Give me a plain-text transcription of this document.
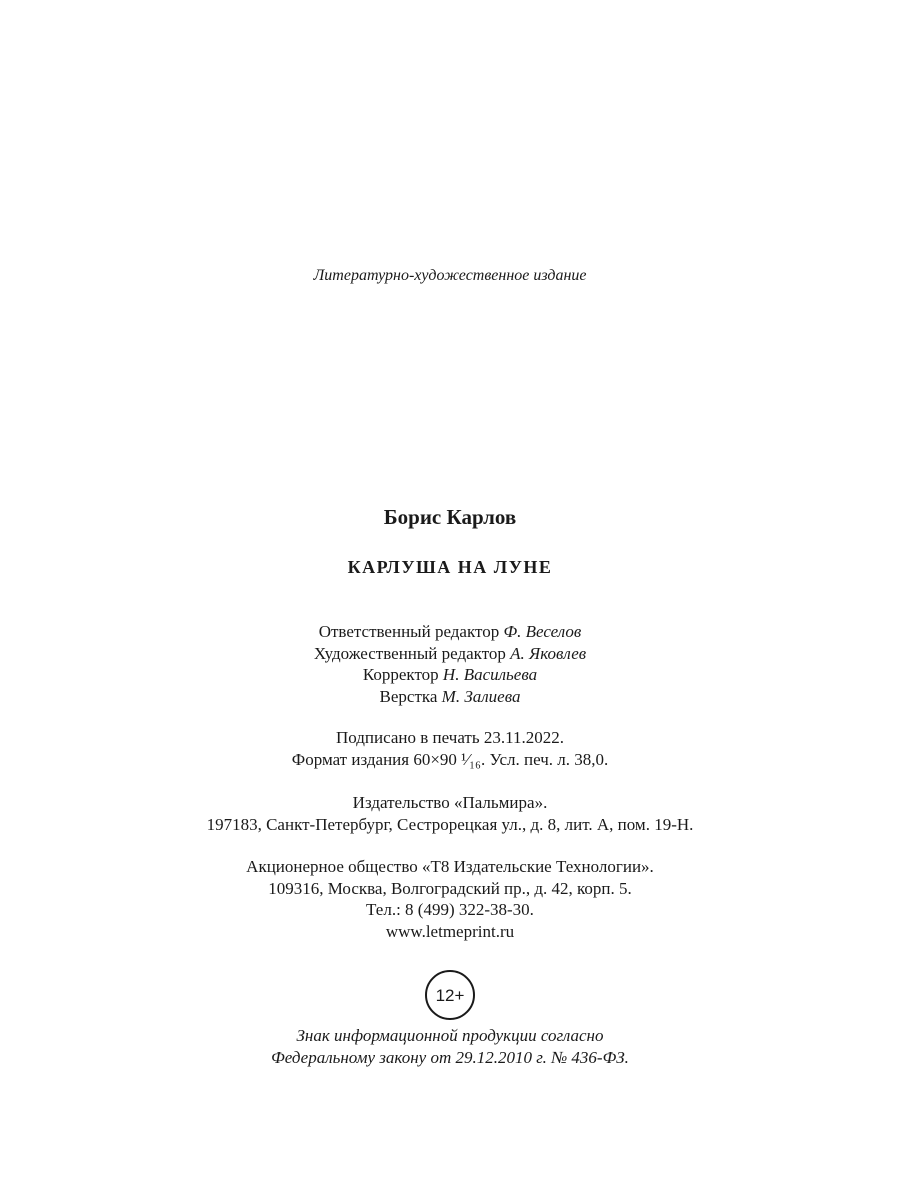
Литературно-художественное издание
Борис Карлов
КАРЛУША НА ЛУНЕ
Ответственный редактор Ф. Веселов
Художественный редактор А. Яковлев
Корректор Н. Васильева
Верстка М. Залиева
Подписано в печать 23.11.2022.
Формат издания 60×90 ¹⁄₁₆. Усл. печ. л. 38,0.
Издательство «Пальмира».
197183, Санкт-Петербург, Сестрорецкая ул., д. 8, лит. А, пом. 19-Н.
Акционерное общество «Т8 Издательские Технологии».
109316, Москва, Волгоградский пр., д. 42, корп. 5.
Тел.: 8 (499) 322-38-30.
www.letmeprint.ru
12+
Знак информационной продукции согласно
Федеральному закону от 29.12.2010 г. № 436-ФЗ.
